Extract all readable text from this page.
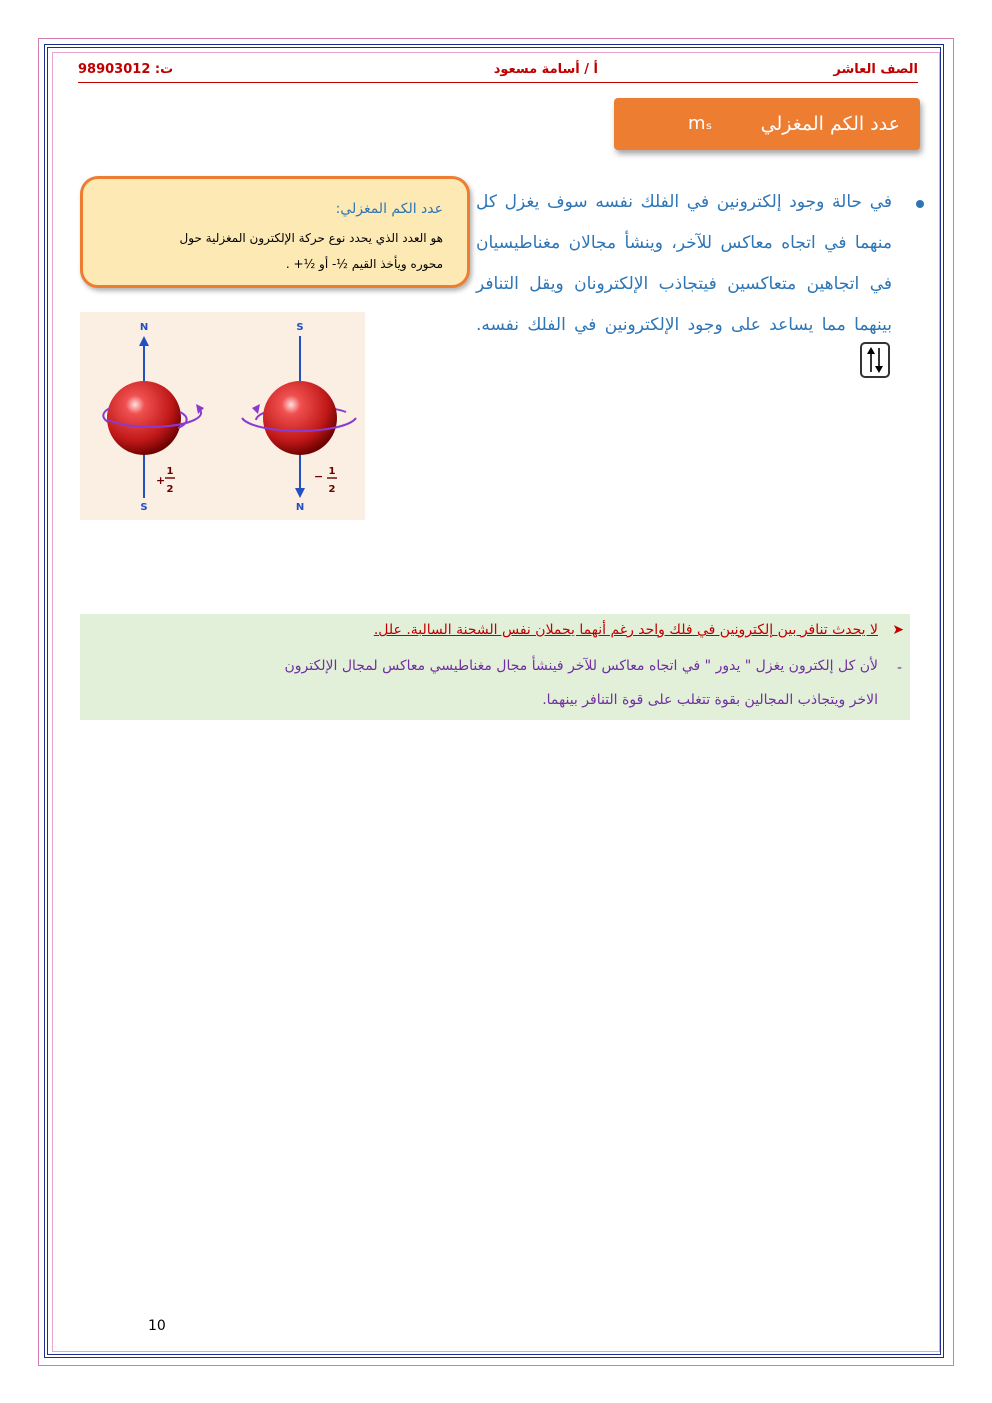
الصف العاشر
أ / أسامة مسعود
ت: 98903012
عدد الكم المغزلي
mₛ
في حالة وجود إلكترونين في الفلك نفسه سوف يغزل كل منهما في اتجاه معاكس للآخر، وينشأ مجالان مغناطيسيان في اتجاهين متعاكسين فيتجاذب الإلكترونان ويقل التنافر بينهما مما يساعد على وجود الإلكترونين في الفلك نفسه.
عدد الكم المغزلي:
هو العدد الذي يحدد نوع حركة الإلكترون المغزلية حول
محوره ويأخذ القيم ½- أو ½+ .
N
S
+
1
2
S
N
− 1
2
➤
لا يحدث تنافر بين إلكترونين في فلك واحد رغم أنهما يحملان نفس الشحنة السالبة. علل.
-
لأن كل إلكترون يغزل " يدور " في اتجاه معاكس للآخر فينشأ مجال مغناطيسي معاكس لمجال الإلكترون
الاخر ويتجاذب المجالين بقوة تتغلب على قوة التنافر بينهما.
10
